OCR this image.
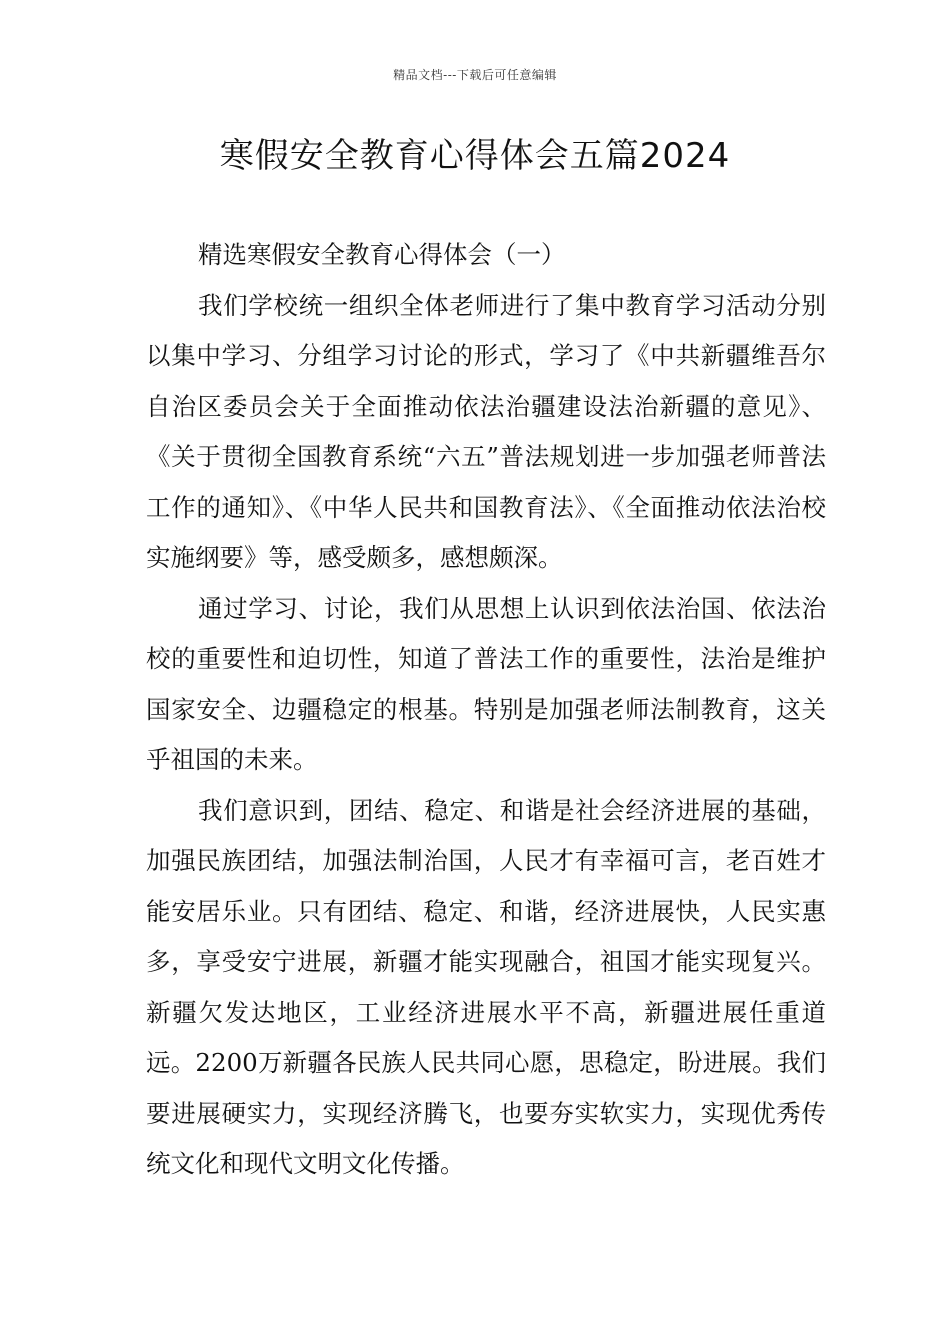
精品文档---下载后可任意编辑
寒假安全教育心得体会五篇2024

精选寒假安全教育心得体会（一）

我们学校统一组织全体老师进行了集中教育学习活动分别以集中学习、分组学习讨论的形式，学习了《中共新疆维吾尔自治区委员会关于全面推动依法治疆建设法治新疆的意见》、《关于贯彻全国教育系统“六五”普法规划进一步加强老师普法工作的通知》、《中华人民共和国教育法》、《全面推动依法治校实施纲要》等，感受颇多，感想颇深。

通过学习、讨论，我们从思想上认识到依法治国、依法治校的重要性和迫切性，知道了普法工作的重要性，法治是维护国家安全、边疆稳定的根基。特别是加强老师法制教育，这关乎祖国的未来。

我们意识到，团结、稳定、和谐是社会经济进展的基础，加强民族团结，加强法制治国，人民才有幸福可言，老百姓才能安居乐业。只有团结、稳定、和谐，经济进展快，人民实惠多，享受安宁进展，新疆才能实现融合，祖国才能实现复兴。新疆欠发达地区，工业经济进展水平不高，新疆进展任重道远。2200万新疆各民族人民共同心愿，思稳定，盼进展。我们要进展硬实力，实现经济腾飞，也要夯实软实力，实现优秀传统文化和现代文明文化传播。
